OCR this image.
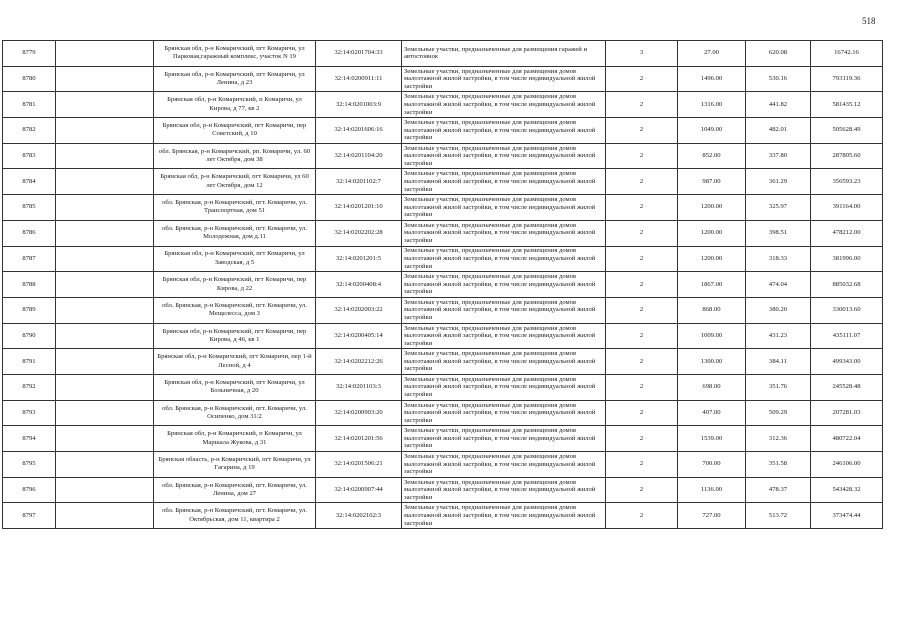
518
8779		Брянская обл, р-н Комаричский, пгт Комаричи, ул Парковая,гаражный комплекс, участок N 19	32:14:0201704:33	Земельные участки, предназначенные для размещения гаражей и автостоянок	3	27.00	620.08	16742.16
8780		Брянская обл, р-н Комаричский, пгт Комаричи, ул Ленина, д 23	32:14:0200911:11	Земельные участки, предназначенные для размещения домов малоэтажной жилой застройки, в том числе индивидуальной жилой застройки	2	1496.00	530.16	793119.36
8781		Брянская обл, р-н Комаричский, п Комаричи, ул Кирова, д 77, кв 2	32:14:0201003:9	Земельные участки, предназначенные для размещения домов малоэтажной жилой застройки, в том числе индивидуальной жилой застройки	2	1316.00	441.82	581435.12
8782		Брянская обл, р-н Комаричский, пгт Комаричи, пер Советский, д 10	32:14:0201606:16	Земельные участки, предназначенные для размещения домов малоэтажной жилой застройки, в том числе индивидуальной жилой застройки	2	1049.00	482.01	505628.49
8783		обл. Брянская, р-н Комаричский, рп. Комаричи, ул. 60 лет Октября, дом 38	32:14:0201104:20	Земельные участки, предназначенные для размещения домов малоэтажной жилой застройки, в том числе индивидуальной жилой застройки	2	852.00	337.80	287805.60
8784		Брянская обл, р-н Комаричский, пгт Комаричи, ул 60 лет Октября, дом 12	32:14:0201102:7	Земельные участки, предназначенные для размещения домов малоэтажной жилой застройки, в том числе индивидуальной жилой застройки	2	987.00	361.29	356593.23
8785		обл. Брянская, р-н Комаричский, пгт. Комаричи, ул. Транспортная, дом 51	32:14:0201201:10	Земельные участки, предназначенные для размещения домов малоэтажной жилой застройки, в том числе индивидуальной жилой застройки	2	1200.00	325.97	391164.00
8786		обл. Брянская, р-н Комаричский, пгт. Комаричи, ул. Молодежная, дом д.11	32:14:0202202:28	Земельные участки, предназначенные для размещения домов малоэтажной жилой застройки, в том числе индивидуальной жилой застройки	2	1200.00	398.51	478212.00
8787		Брянская обл, р-н Комаричский, пгт Комаричи, ул Заводская, д 5	32:14:0201201:5	Земельные участки, предназначенные для размещения домов малоэтажной жилой застройки, в том числе индивидуальной жилой застройки	2	1200.00	318.33	381996.00
8788		Брянская обл, р-н Комаричский, пгт Комаричи, пер Кирова, д 22	32:14:0200408:4	Земельные участки, предназначенные для размещения домов малоэтажной жилой застройки, в том числе индивидуальной жилой застройки	2	1867.00	474.04	885032.68
8789		обл. Брянская, р-н Комаричский, пгт. Комаричи, ул. Мещелесса, дом 3	32:14:0202003:22	Земельные участки, предназначенные для размещения домов малоэтажной жилой застройки, в том числе индивидуальной жилой застройки	2	868.00	380.20	330013.60
8790		Брянская обл, р-н Комаричский, пгт Комаричи, пер Кирова, д 46, кв 1	32:14:0200405:14	Земельные участки, предназначенные для размещения домов малоэтажной жилой застройки, в том числе индивидуальной жилой застройки	2	1009.00	431.23	435111.07
8791		Брянская обл, р-н Комаричский, пгт Комаричи, пер 1-й Лесной, д 4	32:14:0202212:26	Земельные участки, предназначенные для размещения домов малоэтажной жилой застройки, в том числе индивидуальной жилой застройки	2	1300.00	384.11	499343.00
8792		Брянская обл, р-н Комаричский, пгт Комаричи, ул Больничная, д 20	32:14:0201103:3	Земельные участки, предназначенные для размещения домов малоэтажной жилой застройки, в том числе индивидуальной жилой застройки	2	698.00	351.76	245528.48
8793		обл. Брянская, р-н Комаричский, пгт. Комаричи, ул. Осипенко, дом 31/2	32:14:0200903:20	Земельные участки, предназначенные для размещения домов малоэтажной жилой застройки, в том числе индивидуальной жилой застройки	2	407.00	509.29	207281.03
8794		Брянская обл, р-н Комаричский, п Комаричи, ул Маршала Жукова, д 31	32:14:0201201:56	Земельные участки, предназначенные для размещения домов малоэтажной жилой застройки, в том числе индивидуальной жилой застройки	2	1539.00	312.36	480722.04
8795		Брянская область, р-н Комаричский, пгт Комаричи, ул Гагарина, д 19	32:14:0201506:21	Земельные участки, предназначенные для размещения домов малоэтажной жилой застройки, в том числе индивидуальной жилой застройки	2	700.00	351.58	246106.00
8796		обл. Брянская, р-н Комаричский, пгт. Комаричи, ул. Ленина, дом 27	32:14:0200907:44	Земельные участки, предназначенные для размещения домов малоэтажной жилой застройки, в том числе индивидуальной жилой застройки	2	1136.00	478.37	543428.32
8797		обл. Брянская, р-н Комаричский, пгт. Комаричи, ул. Октябрьская, дом 11, квартира 2	32:14:0202102:3	Земельные участки, предназначенные для размещения домов малоэтажной жилой застройки, в том числе индивидуальной жилой застройки	2	727.00	513.72	373474.44
